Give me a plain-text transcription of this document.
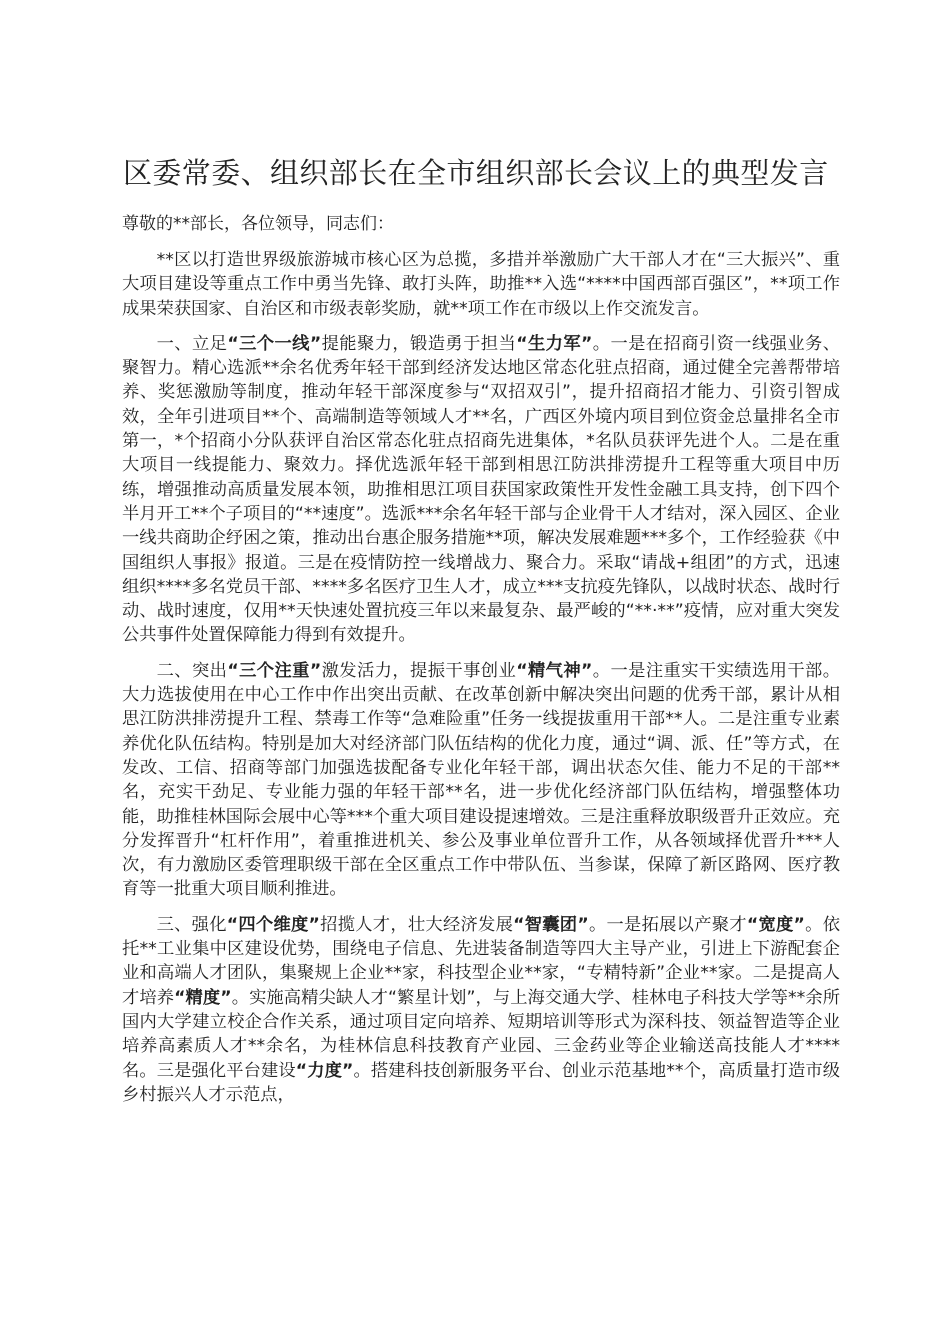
区委常委、组织部长在全市组织部长会议上的典型发言

尊敬的**部长，各位领导，同志们：

**区以打造世界级旅游城市核心区为总揽，多措并举激励广大干部人才在“三大振兴”、重大项目建设等重点工作中勇当先锋、敢打头阵，助推**入选“****中国西部百强区”，**项工作成果荣获国家、自治区和市级表彰奖励，就**项工作在市级以上作交流发言。

一、立足“三个一线”提能聚力，锻造勇于担当“生力军”。一是在招商引资一线强业务、聚智力。精心选派**余名优秀年轻干部到经济发达地区常态化驻点招商，通过健全完善帮带培养、奖惩激励等制度，推动年轻干部深度参与“双招双引”，提升招商招才能力、引资引智成效，全年引进项目**个、高端制造等领域人才**名，广西区外境内项目到位资金总量排名全市第一，*个招商小分队获评自治区常态化驻点招商先进集体，*名队员获评先进个人。二是在重大项目一线提能力、聚效力。择优选派年轻干部到相思江防洪排涝提升工程等重大项目中历练，增强推动高质量发展本领，助推相思江项目获国家政策性开发性金融工具支持，创下四个半月开工**个子项目的“**速度”。选派***余名年轻干部与企业骨干人才结对，深入园区、企业一线共商助企纾困之策，推动出台惠企服务措施**项，解决发展难题***多个，工作经验获《中国组织人事报》报道。三是在疫情防控一线增战力、聚合力。采取“请战+组团”的方式，迅速组织****多名党员干部、****多名医疗卫生人才，成立***支抗疫先锋队，以战时状态、战时行动、战时速度，仅用**天快速处置抗疫三年以来最复杂、最严峻的“**·**”疫情，应对重大突发公共事件处置保障能力得到有效提升。

二、突出“三个注重”激发活力，提振干事创业“精气神”。一是注重实干实绩选用干部。大力选拔使用在中心工作中作出突出贡献、在改革创新中解决突出问题的优秀干部，累计从相思江防洪排涝提升工程、禁毒工作等“急难险重”任务一线提拔重用干部**人。二是注重专业素养优化队伍结构。特别是加大对经济部门队伍结构的优化力度，通过“调、派、任”等方式，在发改、工信、招商等部门加强选拔配备专业化年轻干部，调出状态欠佳、能力不足的干部**名，充实干劲足、专业能力强的年轻干部**名，进一步优化经济部门队伍结构，增强整体功能，助推桂林国际会展中心等***个重大项目建设提速增效。三是注重释放职级晋升正效应。充分发挥晋升“杠杆作用”，着重推进机关、参公及事业单位晋升工作，从各领域择优晋升***人次，有力激励区委管理职级干部在全区重点工作中带队伍、当参谋，保障了新区路网、医疗教育等一批重大项目顺利推进。

三、强化“四个维度”招揽人才，壮大经济发展“智囊团”。一是拓展以产聚才“宽度”。依托**工业集中区建设优势，围绕电子信息、先进装备制造等四大主导产业，引进上下游配套企业和高端人才团队，集聚规上企业**家，科技型企业**家，“专精特新”企业**家。二是提高人才培养“精度”。实施高精尖缺人才“繁星计划”，与上海交通大学、桂林电子科技大学等**余所国内大学建立校企合作关系，通过项目定向培养、短期培训等形式为深科技、领益智造等企业培养高素质人才**余名，为桂林信息科技教育产业园、三金药业等企业输送高技能人才****名。三是强化平台建设“力度”。搭建科技创新服务平台、创业示范基地**个，高质量打造市级乡村振兴人才示范点，
